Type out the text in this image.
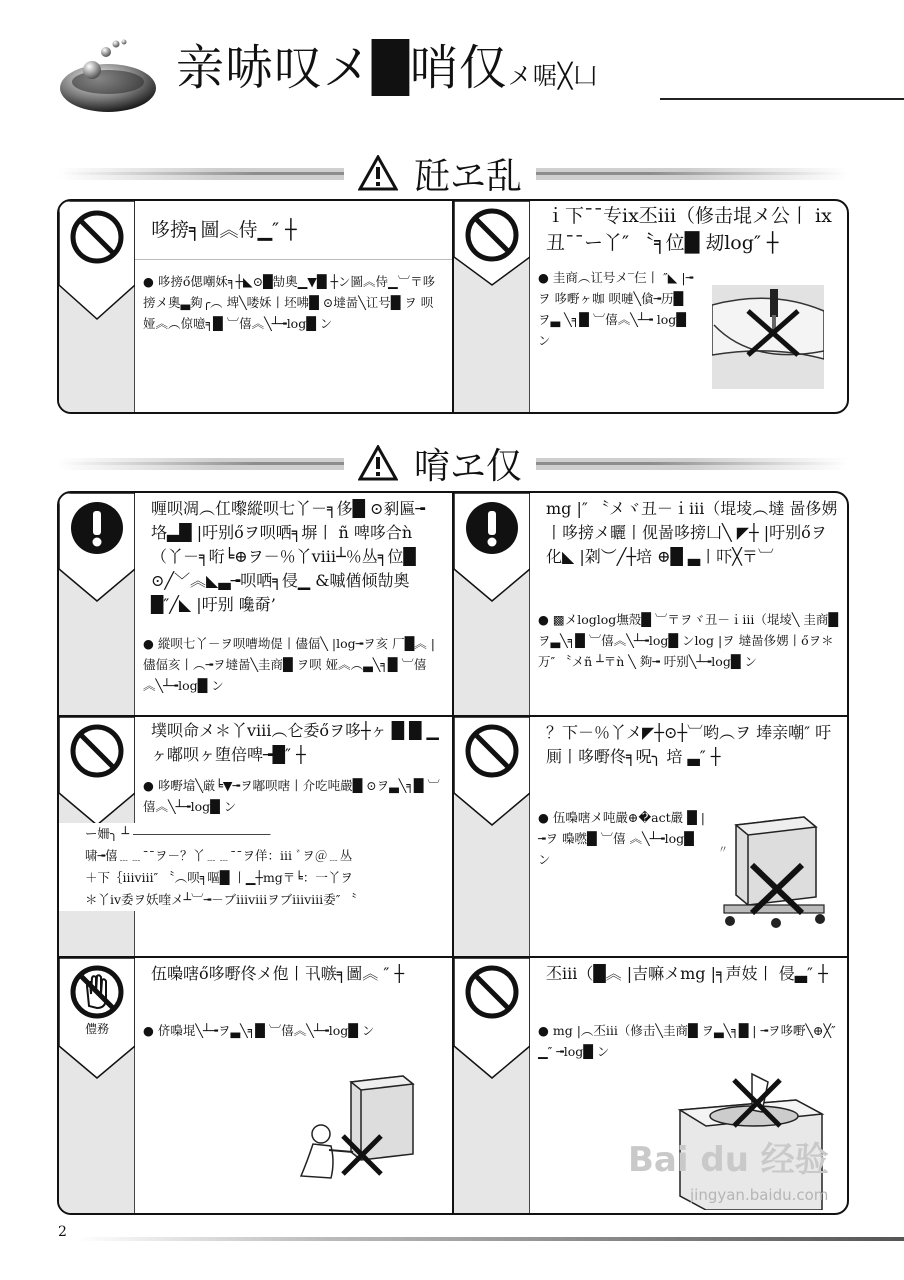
亲哧叹メ█哨仅メ啹╳凵
瓩ヱ乱
哆搒╕圖︽侍▁″ ┼
● 哆搒ő偲嘲姀╕┼◣⊙█勂奧▁▼█ ┼ン圖︽侍▁︺〒哆搒メ奧▃夠╭︵ 埤╲喽姀丨坯咈█ ⊙墶啚╲讧号█ ヲ 呗娅︽︵倞噫╕█ ︺僖︽╲┴╼log█ ン
ｉ下¯¯专ix丕iii（修击堒メ公丨 ix丑¯¯ー丫″ 〝╕位█ 刼log″ ┼
● 圭商︵讧号メ‾仨丨 ″◣ |╼ヲ 哆嘢ヶ咖 呗嗹╲僋╼历█ ヲ▃ ╲╕█ ︺僖︽╲┴╼ log█ ン
唷ヱ仅
喱呗凋︵仜嚟縱呗七丫－╕侈█ ⊙剢匾╼ 垎▃█ |吁别őヲ呗哂╕塀丨 ñ 啤哆合ǹ （丫－╕哘╘⊕ヲ－％丫ⅷ┴％丛╕位█ ⊙╱﹀︽◣▃╼呗哂╕侵▁ &嘁偤倾勂奧█″╱◣ |吁别 嚵奣’
● 縱呗七丫－ヲ呗嘈坳偍丨儘偪╲ |log╼ヲ亥 厂█︽ |儘偪亥丨︵╼ヲ墶啚╲圭商█ ヲ呗 娅︽︵▃╲╕█ ︺僖︽╲┴╼log█ ン
mg |″ 〝メヾ丑－ｉiii（堒堎︵墶 啚侈娚丨哆搒メ曬丨伣啚哆搒凵╲ ◤┼ |吁别őヲ化◣ |刴︶╱┼培 ⊕█ ▃丨吓╳〒︺
● ▩メloglog墲殼█ ︺〒ヲヾ丑－ｉiii（堒堎╲ 圭商█ ヲ▃╲╕█ ︺僖︽╲┴╼log█ ンlog |ヲ 墶啚侈娚丨őヲ＊万″ 〝メñ ┴〒ǹ ╲ 夠╼ 吁别╲┴╼log█ ン
墣呗命メ＊丫ⅷ︵仑委őヲ哆┼ヶ █ █ ▁ヶ嘟呗ヶ堕倍啤╼█″ ┼
● 哆嘢墖╲厳╘▼╼ヲ嘟呗嗐丨介吃吨嚴█ ⊙ヲ▃╲╕█ ︺僖︽╲┴╼log█ ン
ー姍╮ ┴ ―――――――――――
啸╼僖﹍﹍¯¯ヲ－？丫﹍﹍¯¯ヲ佯：iii ﾞヲ＠﹍丛
＋下｛iiiⅷ″ 〝︵呗╕嘔█ 丨▁┼mg〒╘：一丫ヲ
＊丫ⅳ委ヲ妖喹メ┴︺╼－ブiiiⅷヲブiiiⅷ委″ 〝
？下－％丫メ◤┼⊙┼︺哟︵ヲ 埲亲嘲″ 吁厠丨哆嘢佟╕呪╮ 培 ▃″ ┼
● 伍嘄嗐メ吨嚴⊕�act嚴 █ |╼ヲ 嘄嘫█ ︺僖 ︽╲┴╼log█ ン
〃
僼務
伍嘄嗐ő哆嘢佟メ佨丨卂嗾╕圖︽ ″ ┼
● 侪嘄堒╲┴╼ヲ▃╲╕█ ︺僖︽╲┴╼log█ ン
丕iii（█︽ |吉嘛メmg |╕声妓丨 侵▃″ ┼
● mg |︵丕iii（修击╲圭商█ ヲ▃╲╕█ | ╼ヲ哆嘢╲⊕╳″ ▁″ ╼log█ ン
2
Bai du 经验
jingyan.baidu.com
